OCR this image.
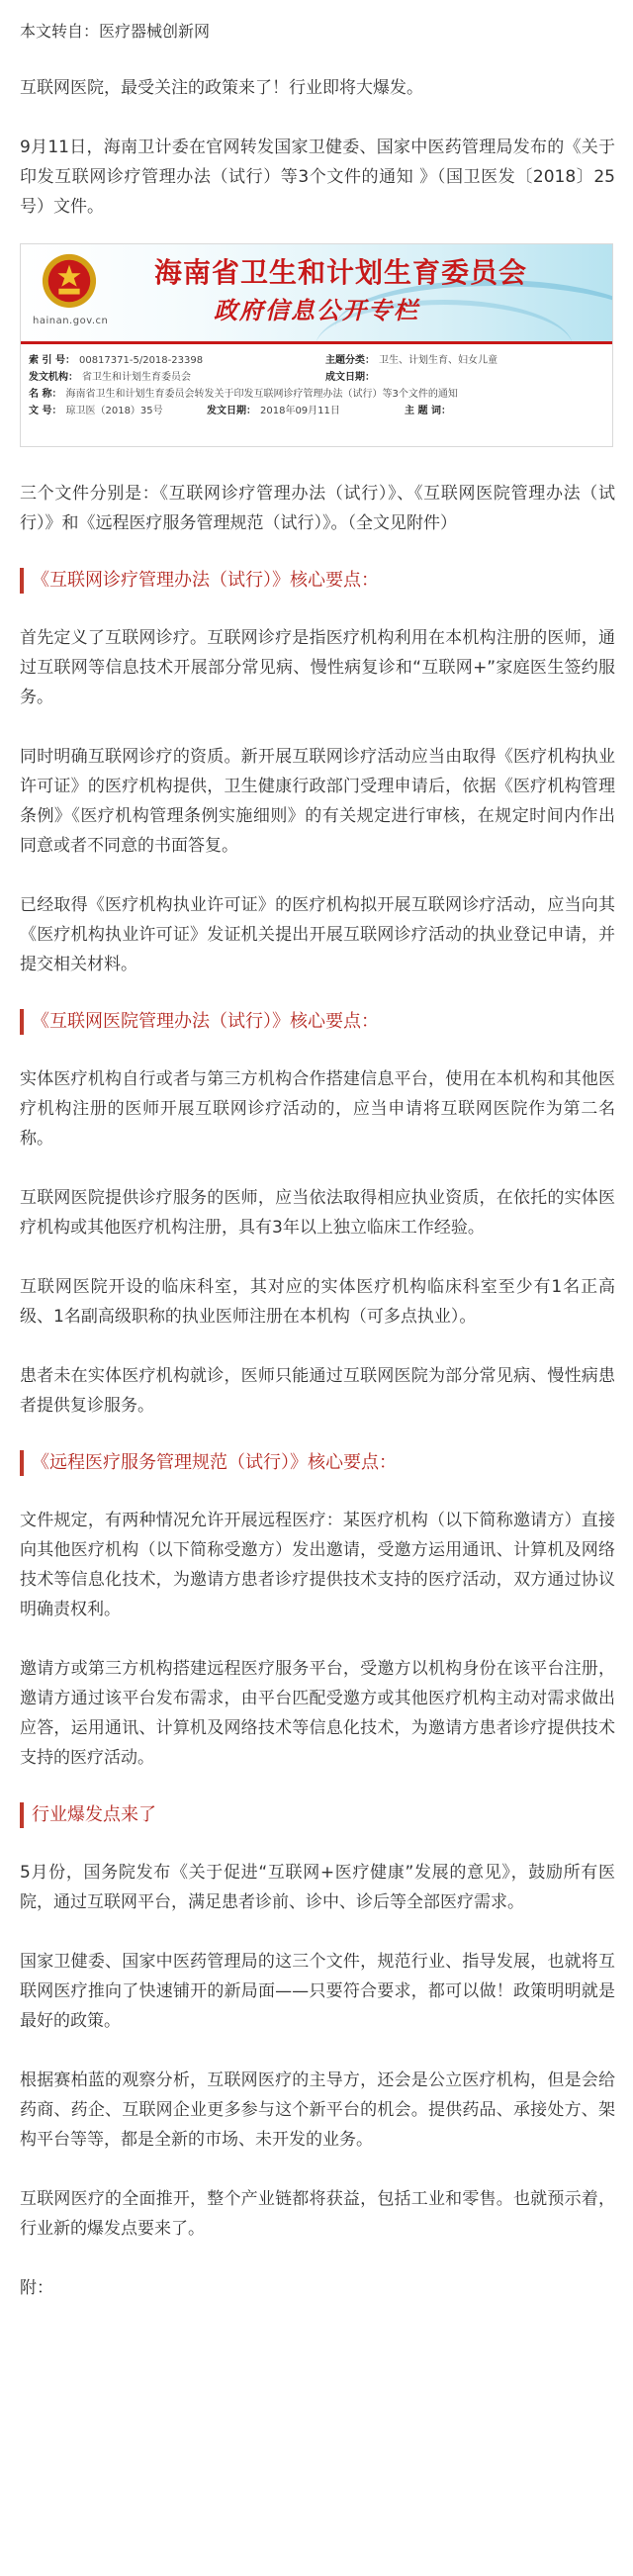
本文转自：医疗器械创新网

互联网医院，最受关注的政策来了！行业即将大爆发。

9月11日，海南卫计委在官网转发国家卫健委、国家中医药管理局发布的《关于印发互联网诊疗管理办法（试行）等3个文件的通知 》（国卫医发〔2018〕25号）文件。

hainan.gov.cn
海南省卫生和计划生育委员会
政府信息公开专栏
索 引 号： 00817371-5/2018-23398	主题分类： 卫生、计划生育、妇女儿童
发文机构： 省卫生和计划生育委员会	成文日期：
名 称： 海南省卫生和计划生育委员会转发关于印发互联网诊疗管理办法（试行）等3个文件的通知
文 号： 琼卫医（2018）35号	发文日期： 2018年09月11日	主 题 词：

三个文件分别是：《互联网诊疗管理办法（试行）》、《互联网医院管理办法（试行）》和《远程医疗服务管理规范（试行）》。（全文见附件）

《互联网诊疗管理办法（试行）》核心要点：

首先定义了互联网诊疗。互联网诊疗是指医疗机构利用在本机构注册的医师，通过互联网等信息技术开展部分常见病、慢性病复诊和“互联网+”家庭医生签约服务。

同时明确互联网诊疗的资质。新开展互联网诊疗活动应当由取得《医疗机构执业许可证》的医疗机构提供，卫生健康行政部门受理申请后，依据《医疗机构管理条例》《医疗机构管理条例实施细则》的有关规定进行审核，在规定时间内作出同意或者不同意的书面答复。

已经取得《医疗机构执业许可证》的医疗机构拟开展互联网诊疗活动，应当向其《医疗机构执业许可证》发证机关提出开展互联网诊疗活动的执业登记申请，并提交相关材料。

《互联网医院管理办法（试行）》核心要点：

实体医疗机构自行或者与第三方机构合作搭建信息平台，使用在本机构和其他医疗机构注册的医师开展互联网诊疗活动的，应当申请将互联网医院作为第二名称。

互联网医院提供诊疗服务的医师，应当依法取得相应执业资质，在依托的实体医疗机构或其他医疗机构注册，具有3年以上独立临床工作经验。

互联网医院开设的临床科室，其对应的实体医疗机构临床科室至少有1名正高级、1名副高级职称的执业医师注册在本机构（可多点执业）。

患者未在实体医疗机构就诊，医师只能通过互联网医院为部分常见病、慢性病患者提供复诊服务。

《远程医疗服务管理规范（试行）》核心要点：

文件规定，有两种情况允许开展远程医疗：某医疗机构（以下简称邀请方）直接向其他医疗机构（以下简称受邀方）发出邀请，受邀方运用通讯、计算机及网络技术等信息化技术，为邀请方患者诊疗提供技术支持的医疗活动，双方通过协议明确责权利。

邀请方或第三方机构搭建远程医疗服务平台，受邀方以机构身份在该平台注册，邀请方通过该平台发布需求，由平台匹配受邀方或其他医疗机构主动对需求做出应答，运用通讯、计算机及网络技术等信息化技术，为邀请方患者诊疗提供技术支持的医疗活动。

行业爆发点来了

5月份，国务院发布《关于促进“互联网+医疗健康”发展的意见》，鼓励所有医院，通过互联网平台，满足患者诊前、诊中、诊后等全部医疗需求。

国家卫健委、国家中医药管理局的这三个文件，规范行业、指导发展，也就将互联网医疗推向了快速铺开的新局面——只要符合要求，都可以做！政策明明就是最好的政策。

根据赛柏蓝的观察分析，互联网医疗的主导方，还会是公立医疗机构，但是会给药商、药企、互联网企业更多参与这个新平台的机会。提供药品、承接处方、架构平台等等，都是全新的市场、未开发的业务。

互联网医疗的全面推开，整个产业链都将获益，包括工业和零售。也就预示着，行业新的爆发点要来了。

附：
